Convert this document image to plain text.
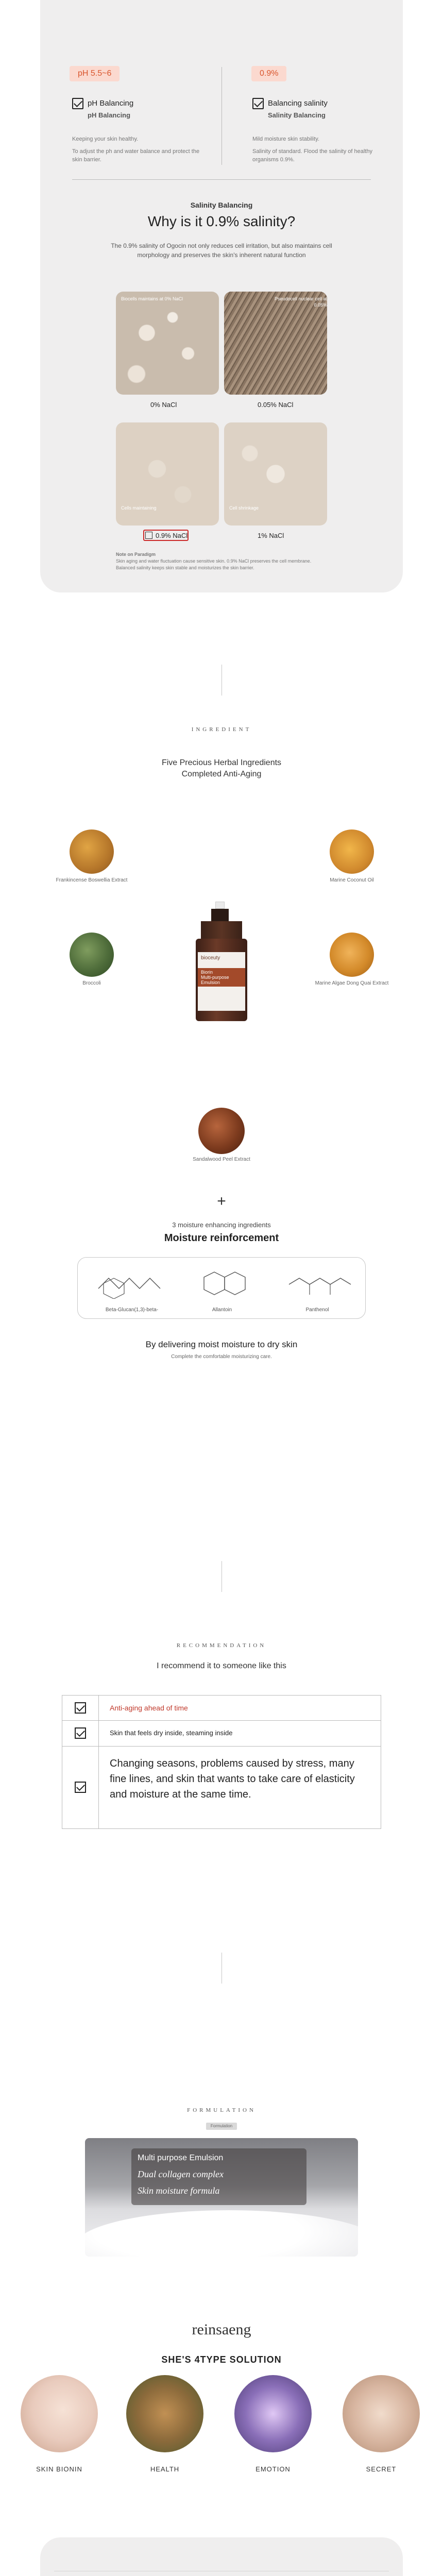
pH 5.5~6	0.9%
pH Balancing
pH Balancing
Balancing salinity
Salinity Balancing
Keeping your skin healthy.
To adjust the ph and water balance and protect the skin barrier.
Mild moisture skin stability.
Salinity of standard. Flood the salinity of healthy organisms 0.9%.
Salinity Balancing
Why is it 0.9% salinity?
The 0.9% salinity of Ogocin not only reduces cell irritation, but also maintains cell morphology and preserves the skin's inherent natural function
Biocells maintains at 0% NaCl	Pseudocell nuclear cell at 0.05%
Cells maintaining	Cell shrinkage
0% NaCl	0.05% NaCl
0.9% NaCl	1% NaCl
Note on Paradigm
Skin aging and water fluctuation cause sensitive skin. 0.9% NaCl preserves the cell membrane. Balanced salinity keeps skin stable and moisturizes the skin barrier.
INGREDIENT
Five Precious Herbal Ingredients
Completed Anti-Aging
Frankincense Boswellia Extract	Marine Coconut Oil
Broccoli	Marine Algae Dong Quai Extract
bioceuty
Biorin
Multi-purpose Emulsion
Sandalwood Peel Extract
+
3 moisture enhancing ingredients
Moisture reinforcement
Beta-Glucan(1,3)-beta-	Allantoin	Panthenol
By delivering moist moisture to dry skin
Complete the comfortable moisturizing care.
RECOMMENDATION
I recommend it to someone like this
Anti-aging ahead of time
Skin that feels dry inside, steaming inside
Changing seasons, problems caused by stress, many fine lines, and skin that wants to take care of elasticity and moisture at the same time.
FORMULATION
Formulation
Multi purpose Emulsion
Dual collagen complex
Skin moisture formula
reinsaeng
SHE'S 4TYPE SOLUTION
SKIN BIONIN	HEALTH	EMOTION	SECRET
